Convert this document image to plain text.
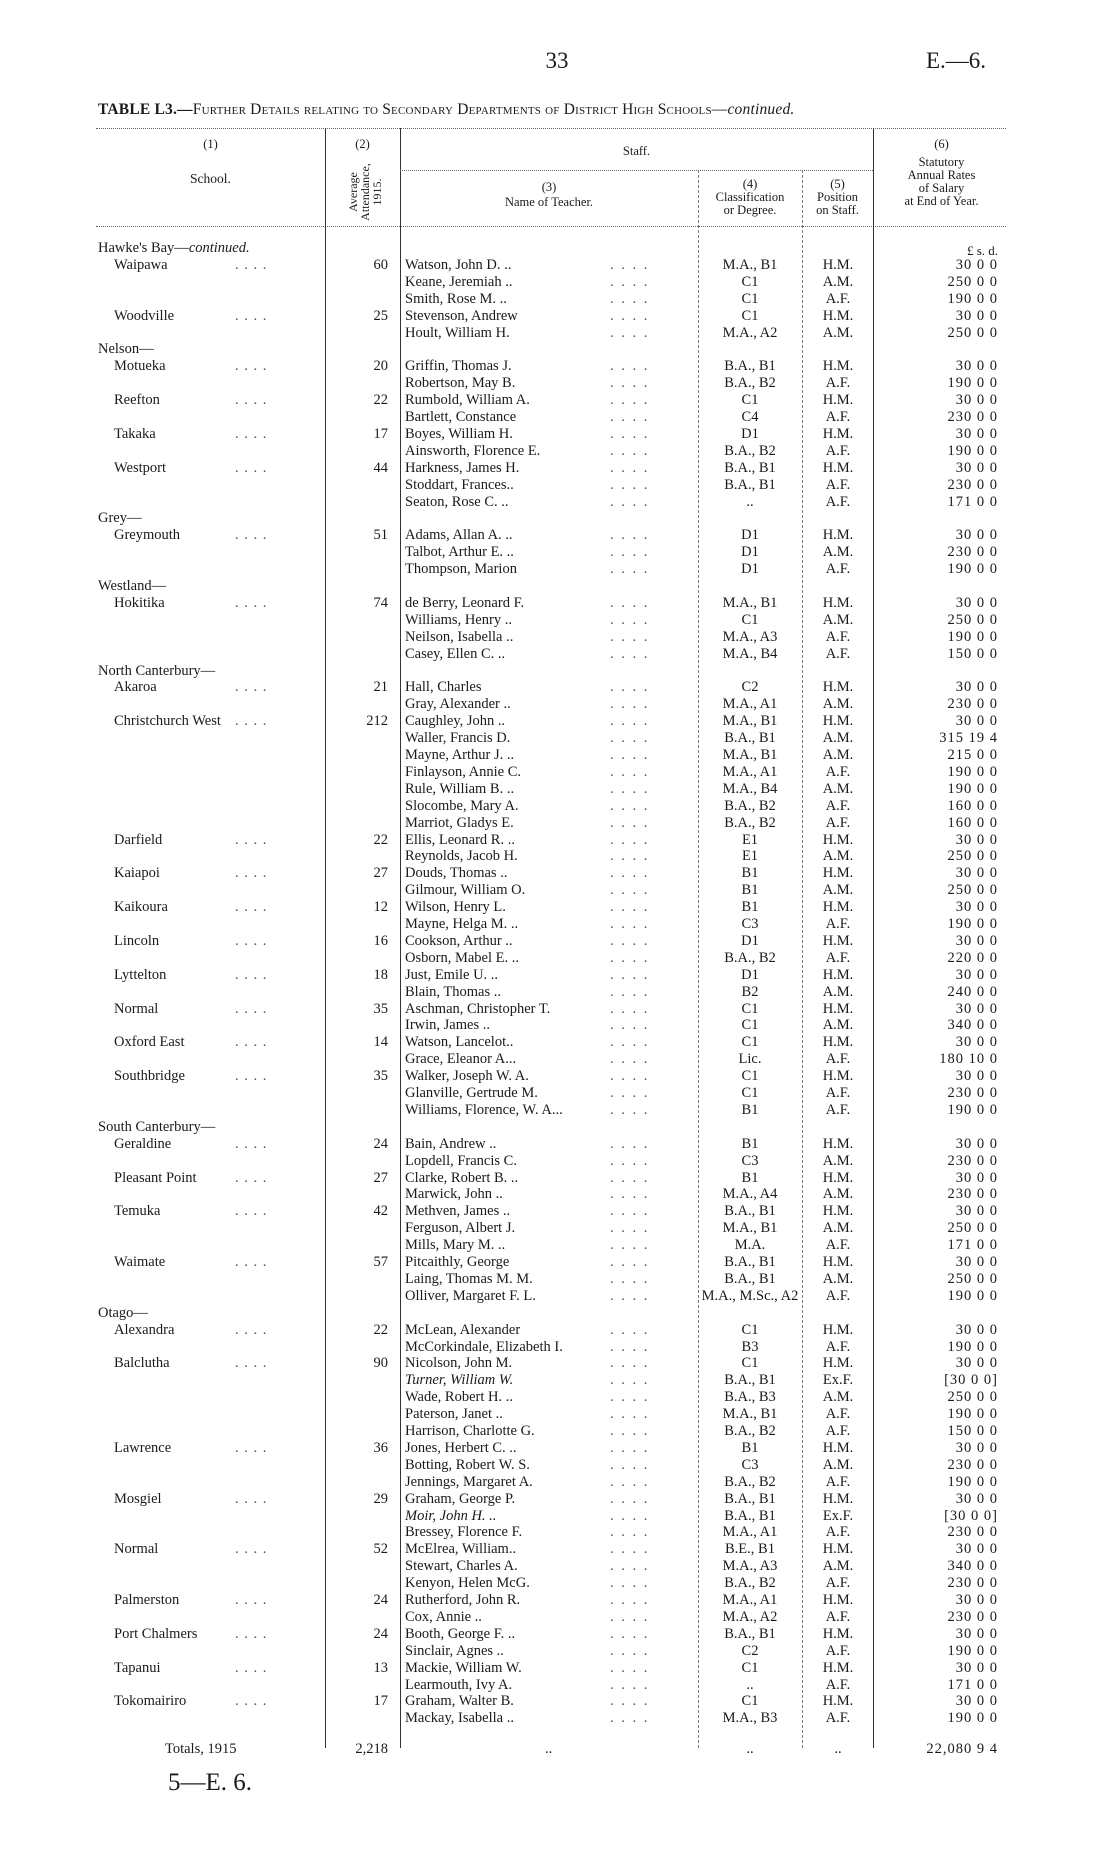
33	E.—6.
TABLE L3.—Further Details relating to Secondary Departments of District High Schools—continued.
(1)
School.
(2)
Average Attendance, 1915.
Staff.
(3)
Name of Teacher.
(4)
Classification
or Degree.
(5)
Position
on Staff.
(6)
Statutory
Annual Rates
of Salary
at End of Year.
£ s. d.
Hawke's Bay—continued.
Waipawa	. . . .	60 Watson, John D. ..	. . . .	M.A., B1	H.M.	30 0 0
Keane, Jeremiah ..	. . . .	C1	A.M.	250 0 0
Smith, Rose M. ..	. . . .	C1	A.F.	190 0 0
Woodville	. . . .	25 Stevenson, Andrew	. . . .	C1	H.M.	30 0 0
Hoult, William H.	. . . .	M.A., A2	A.M.	250 0 0
Nelson—
Motueka	. . . .	20 Griffin, Thomas J.	. . . .	B.A., B1	H.M.	30 0 0
Robertson, May B.	. . . .	B.A., B2	A.F.	190 0 0
Reefton	. . . .	22 Rumbold, William A.	. . . .	C1	H.M.	30 0 0
Bartlett, Constance	. . . .	C4	A.F.	230 0 0
Takaka	. . . .	17 Boyes, William H.	. . . .	D1	H.M.	30 0 0
Ainsworth, Florence E.	. . . .	B.A., B2	A.F.	190 0 0
Westport	. . . .	44 Harkness, James H.	. . . .	B.A., B1	H.M.	30 0 0
Stoddart, Frances..	. . . .	B.A., B1	A.F.	230 0 0
Seaton, Rose C. ..	. . . .	..	A.F.	171 0 0
Grey—
Greymouth	. . . .	51 Adams, Allan A. ..	. . . .	D1	H.M.	30 0 0
Talbot, Arthur E. ..	. . . .	D1	A.M.	230 0 0
Thompson, Marion	. . . .	D1	A.F.	190 0 0
Westland—
Hokitika	. . . .	74 de Berry, Leonard F.	. . . .	M.A., B1	H.M.	30 0 0
Williams, Henry ..	. . . .	C1	A.M.	250 0 0
Neilson, Isabella ..	. . . .	M.A., A3	A.F.	190 0 0
Casey, Ellen C. ..	. . . .	M.A., B4	A.F.	150 0 0
North Canterbury—
Akaroa	. . . .	21 Hall, Charles	. . . .	C2	H.M.	30 0 0
Gray, Alexander ..	. . . .	M.A., A1	A.M.	230 0 0
Christchurch West . . . .	212 Caughley, John ..	. . . .	M.A., B1	H.M.	30 0 0
Waller, Francis D.	. . . .	B.A., B1	A.M.	315 19 4
Mayne, Arthur J. ..	. . . .	M.A., B1	A.M.	215 0 0
Finlayson, Annie C.	. . . .	M.A., A1	A.F.	190 0 0
Rule, William B. ..	. . . .	M.A., B4	A.M.	190 0 0
Slocombe, Mary A.	. . . .	B.A., B2	A.F.	160 0 0
Marriot, Gladys E.	. . . .	B.A., B2	A.F.	160 0 0
Darfield	. . . .	22 Ellis, Leonard R. ..	. . . .	E1	H.M.	30 0 0
Reynolds, Jacob H.	. . . .	E1	A.M.	250 0 0
Kaiapoi	. . . .	27 Douds, Thomas ..	. . . .	B1	H.M.	30 0 0
Gilmour, William O.	. . . .	B1	A.M.	250 0 0
Kaikoura	. . . .	12 Wilson, Henry L.	. . . .	B1	H.M.	30 0 0
Mayne, Helga M. ..	. . . .	C3	A.F.	190 0 0
Lincoln	. . . .	16 Cookson, Arthur ..	. . . .	D1	H.M.	30 0 0
Osborn, Mabel E. ..	. . . .	B.A., B2	A.F.	220 0 0
Lyttelton	. . . .	18 Just, Emile U. ..	. . . .	D1	H.M.	30 0 0
Blain, Thomas ..	. . . .	B2	A.M.	240 0 0
Normal	. . . .	35 Aschman, Christopher T.	. . . .	C1	H.M.	30 0 0
Irwin, James ..	. . . .	C1	A.M.	340 0 0
Oxford East	. . . .	14 Watson, Lancelot..	. . . .	C1	H.M.	30 0 0
Grace, Eleanor A...	. . . .	Lic.	A.F.	180 10 0
Southbridge	. . . .	35 Walker, Joseph W. A.	. . . .	C1	H.M.	30 0 0
Glanville, Gertrude M.	. . . .	C1	A.F.	230 0 0
Williams, Florence, W. A...	. . . .	B1	A.F.	190 0 0
South Canterbury—
Geraldine	. . . .	24 Bain, Andrew ..	. . . .	B1	H.M.	30 0 0
Lopdell, Francis C.	. . . .	C3	A.M.	230 0 0
Pleasant Point	. . . .	27 Clarke, Robert B. ..	. . . .	B1	H.M.	30 0 0
Marwick, John ..	. . . .	M.A., A4	A.M.	230 0 0
Temuka	. . . .	42 Methven, James ..	. . . .	B.A., B1	H.M.	30 0 0
Ferguson, Albert J.	. . . .	M.A., B1	A.M.	250 0 0
Mills, Mary M. ..	. . . .	M.A.	A.F.	171 0 0
Waimate	. . . .	57 Pitcaithly, George	. . . .	B.A., B1	H.M.	30 0 0
Laing, Thomas M. M.	. . . .	B.A., B1	A.M.	250 0 0
Olliver, Margaret F. L.	. . . .	M.A., M.Sc., A2	A.F.	190 0 0
Otago—
Alexandra	. . . .	22 McLean, Alexander	. . . .	C1	H.M.	30 0 0
McCorkindale, Elizabeth I.	. . . .	B3	A.F.	190 0 0
Balclutha	. . . .	90 Nicolson, John M.	. . . .	C1	H.M.	30 0 0
Turner, William W.	. . . .	B.A., B1	Ex.F.	[30 0 0]
Wade, Robert H. ..	. . . .	B.A., B3	A.M.	250 0 0
Paterson, Janet ..	. . . .	M.A., B1	A.F.	190 0 0
Harrison, Charlotte G.	. . . .	B.A., B2	A.F.	150 0 0
Lawrence	. . . .	36 Jones, Herbert C. ..	. . . .	B1	H.M.	30 0 0
Botting, Robert W. S.	. . . .	C3	A.M.	230 0 0
Jennings, Margaret A.	. . . .	B.A., B2	A.F.	190 0 0
Mosgiel	. . . .	29 Graham, George P.	. . . .	B.A., B1	H.M.	30 0 0
Moir, John H. ..	. . . .	B.A., B1	Ex.F.	[30 0 0]
Bressey, Florence F.	. . . .	M.A., A1	A.F.	230 0 0
Normal	. . . .	52 McElrea, William..	. . . .	B.E., B1	H.M.	30 0 0
Stewart, Charles A.	. . . .	M.A., A3	A.M.	340 0 0
Kenyon, Helen McG.	. . . .	B.A., B2	A.F.	230 0 0
Palmerston	. . . .	24 Rutherford, John R.	. . . .	M.A., A1	H.M.	30 0 0
Cox, Annie ..	. . . .	M.A., A2	A.F.	230 0 0
Port Chalmers	. . . .	24 Booth, George F. ..	. . . .	B.A., B1	H.M.	30 0 0
Sinclair, Agnes ..	. . . .	C2	A.F.	190 0 0
Tapanui	. . . .	13 Mackie, William W.	. . . .	C1	H.M.	30 0 0
Learmouth, Ivy A.	. . . .	..	A.F.	171 0 0
Tokomairiro	. . . .	17 Graham, Walter B.	. . . .	C1	H.M.	30 0 0
Mackay, Isabella ..	. . . .	M.A., B3	A.F.	190 0 0
Totals, 1915	2,218	..	..	..	22,080 9 4
5—E. 6.
